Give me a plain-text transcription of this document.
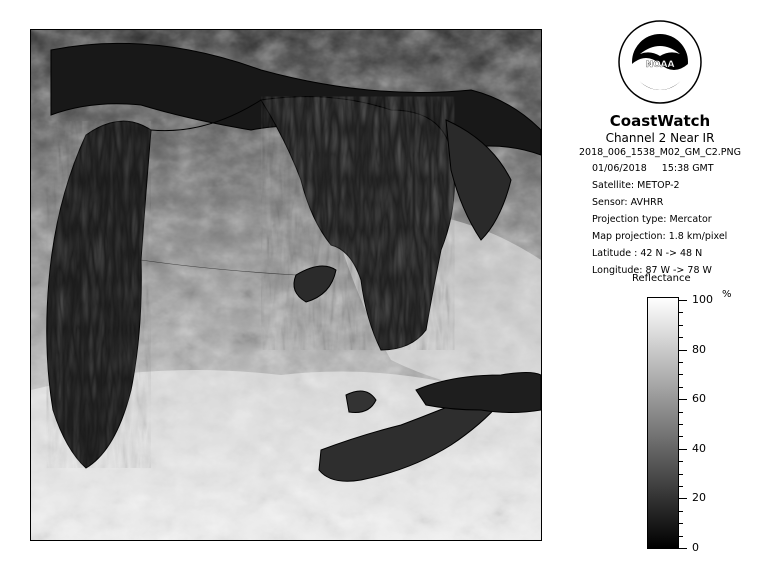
NOAA
CoastWatch
Channel 2 Near IR
2018_006_1538_M02_GM_C2.PNG
01/06/2018 15:38 GMT
Satellite: METOP-2
Sensor: AVHRR
Projection type: Mercator
Map projection: 1.8 km/pixel
Latitude : 42 N -> 48 N
Longitude: 87 W -> 78 W
Reflectance
%
100
80
60
40
20
0
